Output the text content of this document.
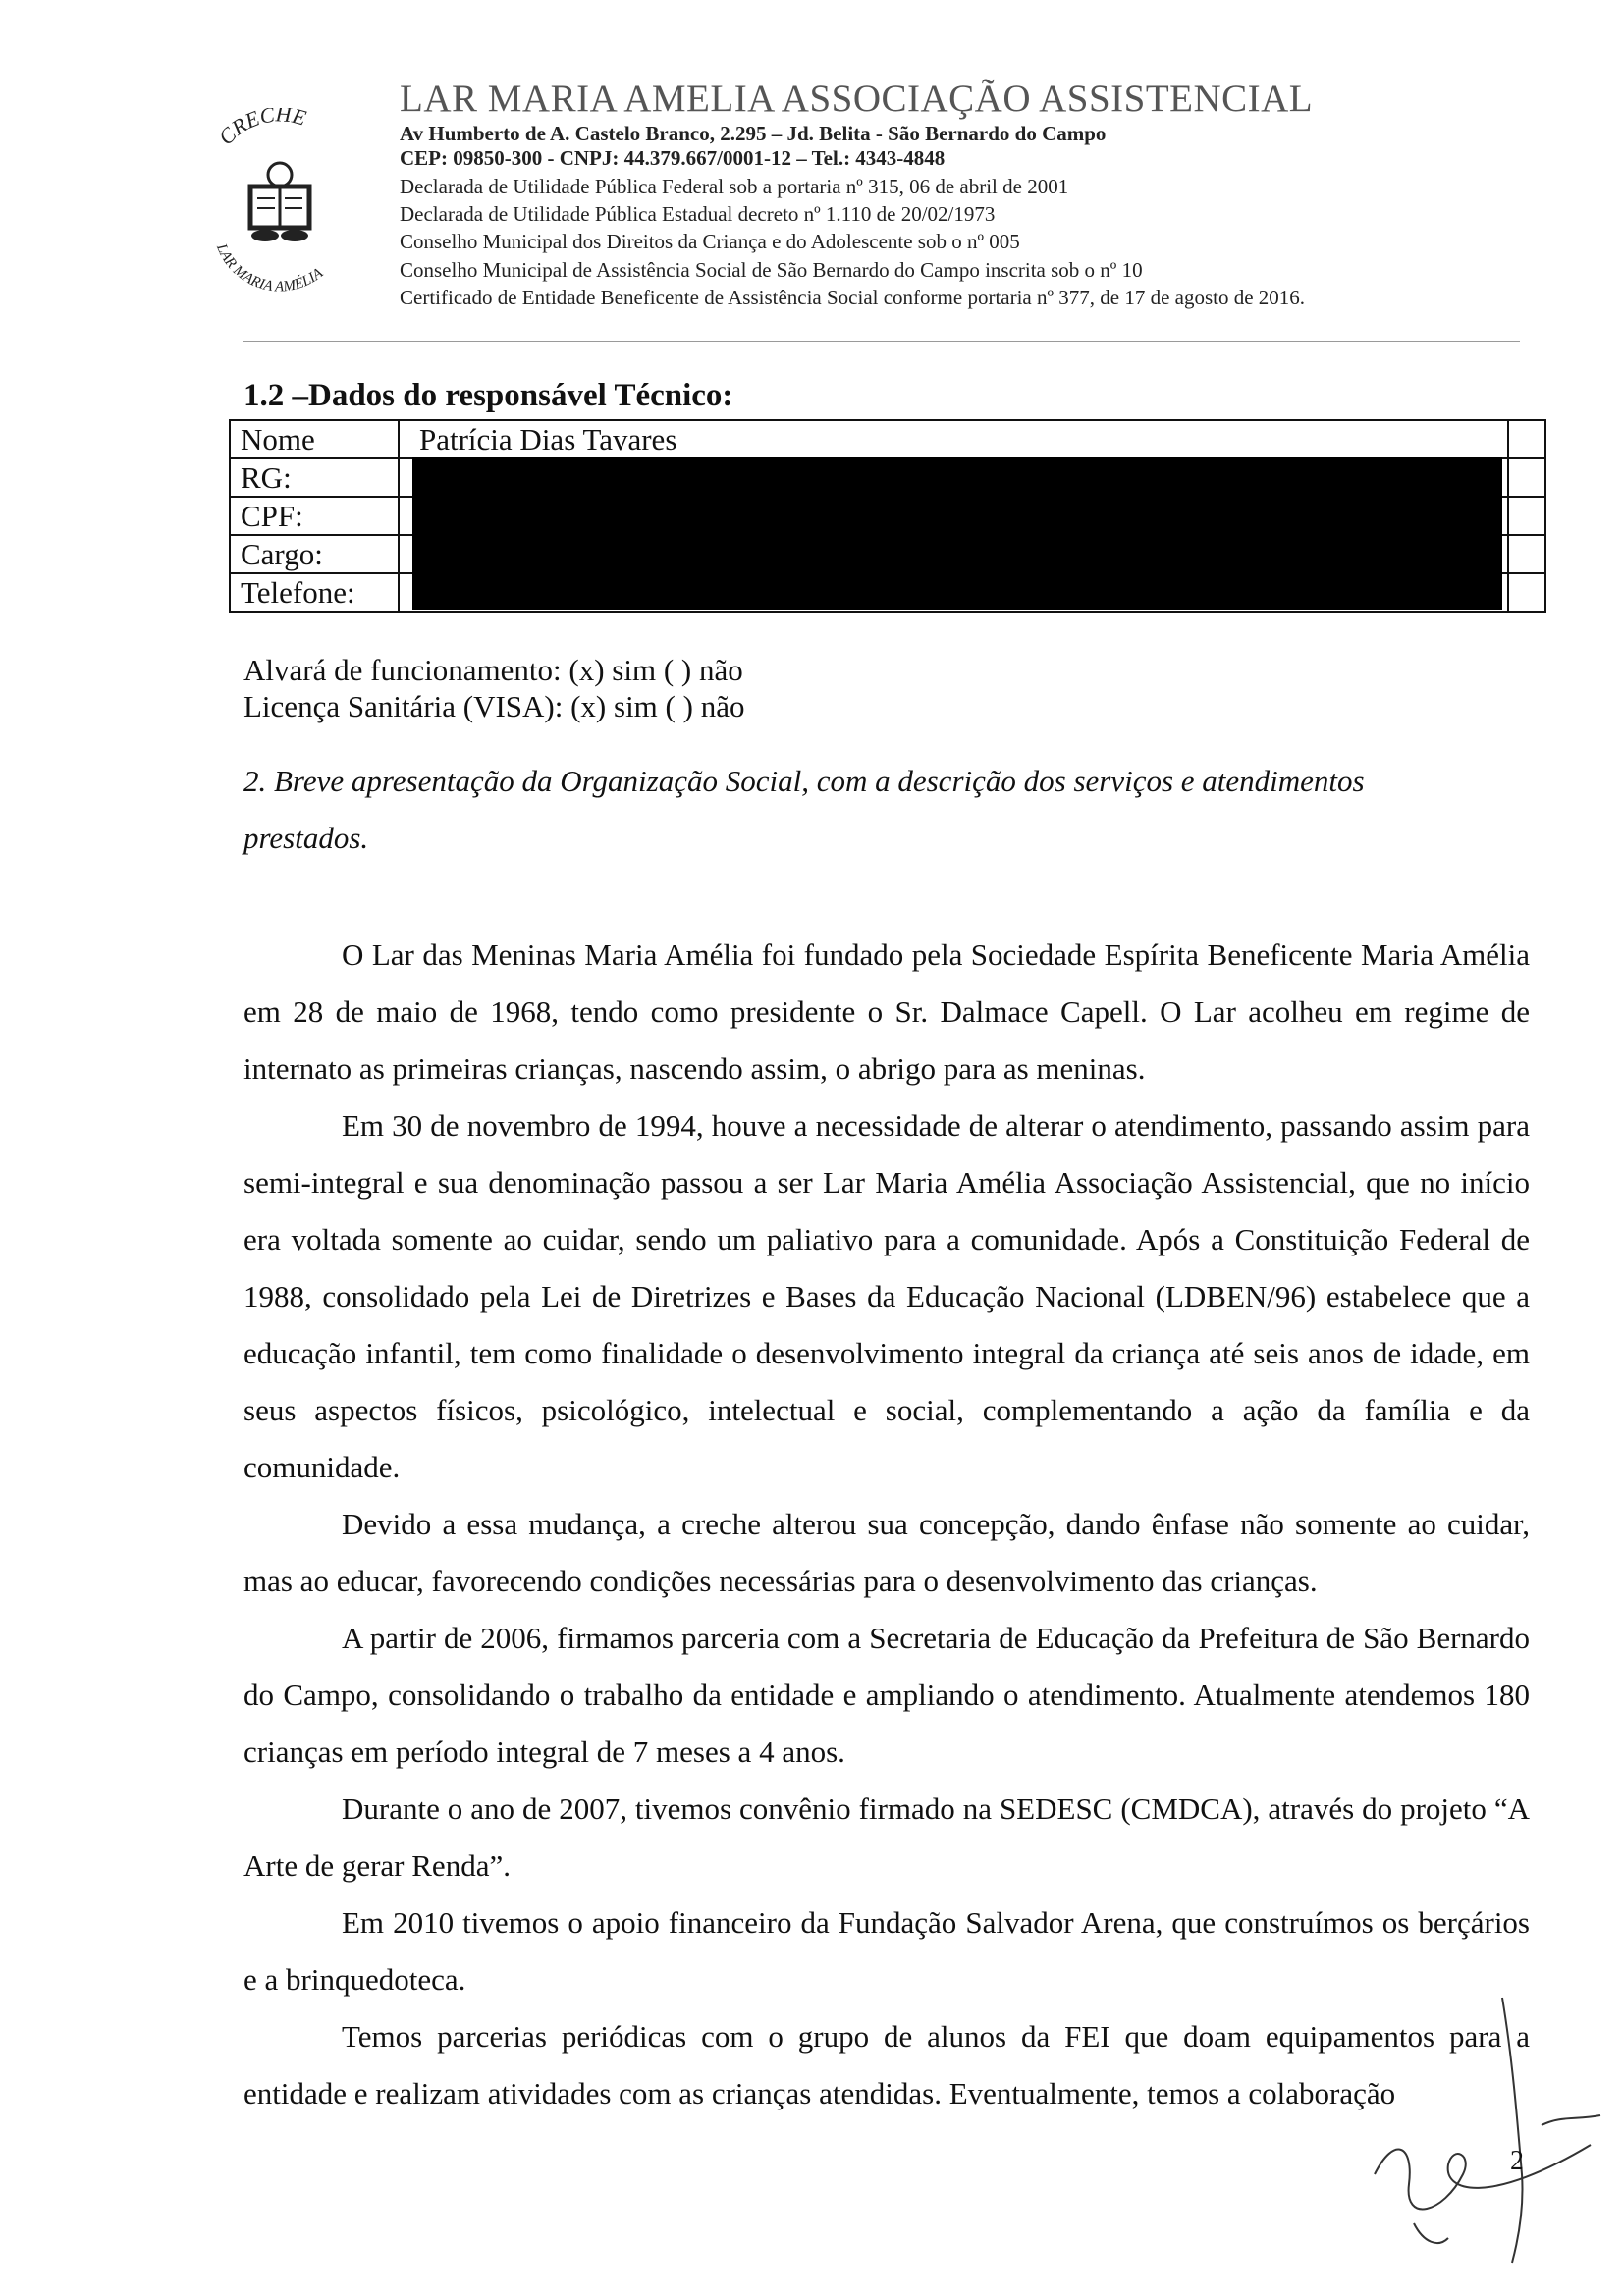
CRECHE
LAR MARIA AMÉLIA
LAR MARIA AMELIA ASSOCIAÇÃO ASSISTENCIAL
Av Humberto de A. Castelo Branco, 2.295 – Jd. Belita - São Bernardo do Campo
CEP: 09850-300 - CNPJ: 44.379.667/0001-12 – Tel.: 4343-4848
Declarada de Utilidade Pública Federal sob a portaria nº 315, 06 de abril de 2001
Declarada de Utilidade Pública Estadual decreto nº 1.110 de 20/02/1973
Conselho Municipal dos Direitos da Criança e do Adolescente sob o nº 005
Conselho Municipal de Assistência Social de São Bernardo do Campo inscrita sob o nº 10
Certificado de Entidade Beneficente de Assistência Social conforme portaria nº 377, de 17 de agosto de 2016.
1.2 –Dados do responsável Técnico:
Nome	Patrícia Dias Tavares	
RG:		
CPF:		
Cargo:		
Telefone:		
Alvará de funcionamento: (x) sim ( ) não
Licença Sanitária (VISA): (x) sim ( ) não
2. Breve apresentação da Organização Social, com a descrição dos serviços e atendimentos
prestados.

O Lar das Meninas Maria Amélia foi fundado pela Sociedade Espírita Beneficente Maria Amélia em 28 de maio de 1968, tendo como presidente o Sr. Dalmace Capell. O Lar acolheu em regime de internato as primeiras crianças, nascendo assim, o abrigo para as meninas.

Em 30 de novembro de 1994, houve a necessidade de alterar o atendimento, passando assim para semi-integral e sua denominação passou a ser Lar Maria Amélia Associação Assistencial, que no início era voltada somente ao cuidar, sendo um paliativo para a comunidade. Após a Constituição Federal de 1988, consolidado pela Lei de Diretrizes e Bases da Educação Nacional (LDBEN/96) estabelece que a educação infantil, tem como finalidade o desenvolvimento integral da criança até seis anos de idade, em seus aspectos físicos, psicológico, intelectual e social, complementando a ação da família e da comunidade.

Devido a essa mudança, a creche alterou sua concepção, dando ênfase não somente ao cuidar, mas ao educar, favorecendo condições necessárias para o desenvolvimento das crianças.

A partir de 2006, firmamos parceria com a Secretaria de Educação da Prefeitura de São Bernardo do Campo, consolidando o trabalho da entidade e ampliando o atendimento. Atualmente atendemos 180 crianças em período integral de 7 meses a 4 anos.

Durante o ano de 2007, tivemos convênio firmado na SEDESC (CMDCA), através do projeto “A Arte de gerar Renda”.

Em 2010 tivemos o apoio financeiro da Fundação Salvador Arena, que construímos os berçários e a brinquedoteca.

Temos parcerias periódicas com o grupo de alunos da FEI que doam equipamentos para a entidade e realizam atividades com as crianças atendidas. Eventualmente, temos a colaboração

2
